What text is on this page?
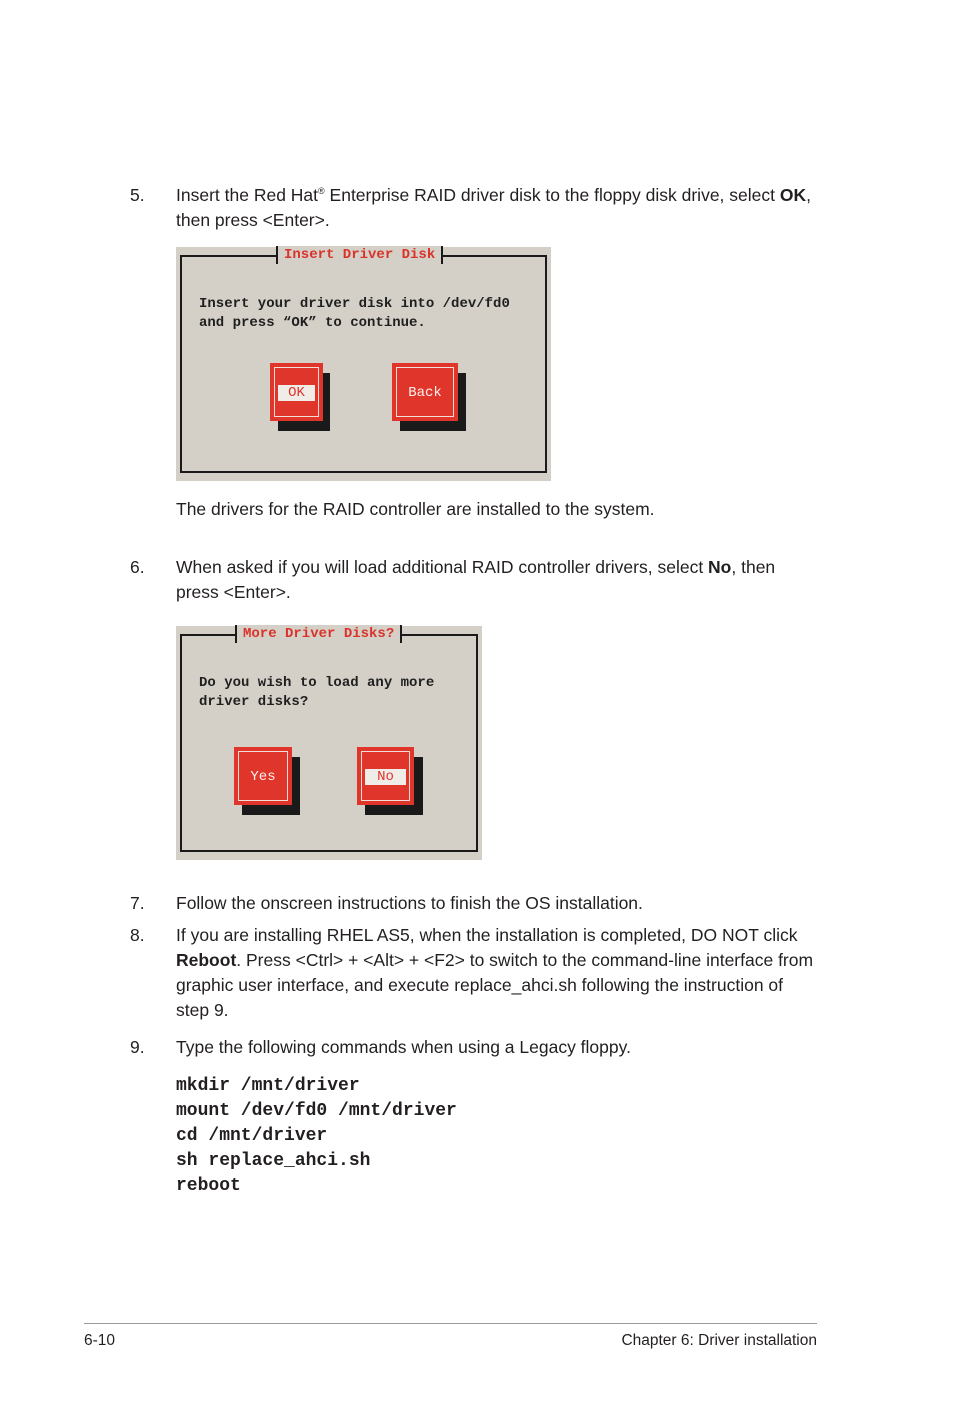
5. Insert the Red Hat® Enterprise RAID driver disk to the floppy disk drive, select OK, then press <Enter>.
Insert Driver Disk
Insert your driver disk into /dev/fd0
and press “OK” to continue.
OK	Back
The drivers for the RAID controller are installed to the system.
6. When asked if you will load additional RAID controller drivers, select No, then press <Enter>.
More Driver Disks?
Do you wish to load any more
driver disks?
Yes	No
7. Follow the onscreen instructions to finish the OS installation.
8. If you are installing RHEL AS5, when the installation is completed, DO NOT click Reboot. Press <Ctrl> + <Alt> + <F2> to switch to the command-line interface from graphic user interface, and execute replace_ahci.sh following the instruction of step 9.
9. Type the following commands when using a Legacy floppy.
mkdir /mnt/driver
mount /dev/fd0 /mnt/driver
cd /mnt/driver
sh replace_ahci.sh
reboot
6-10	Chapter 6: Driver installation
